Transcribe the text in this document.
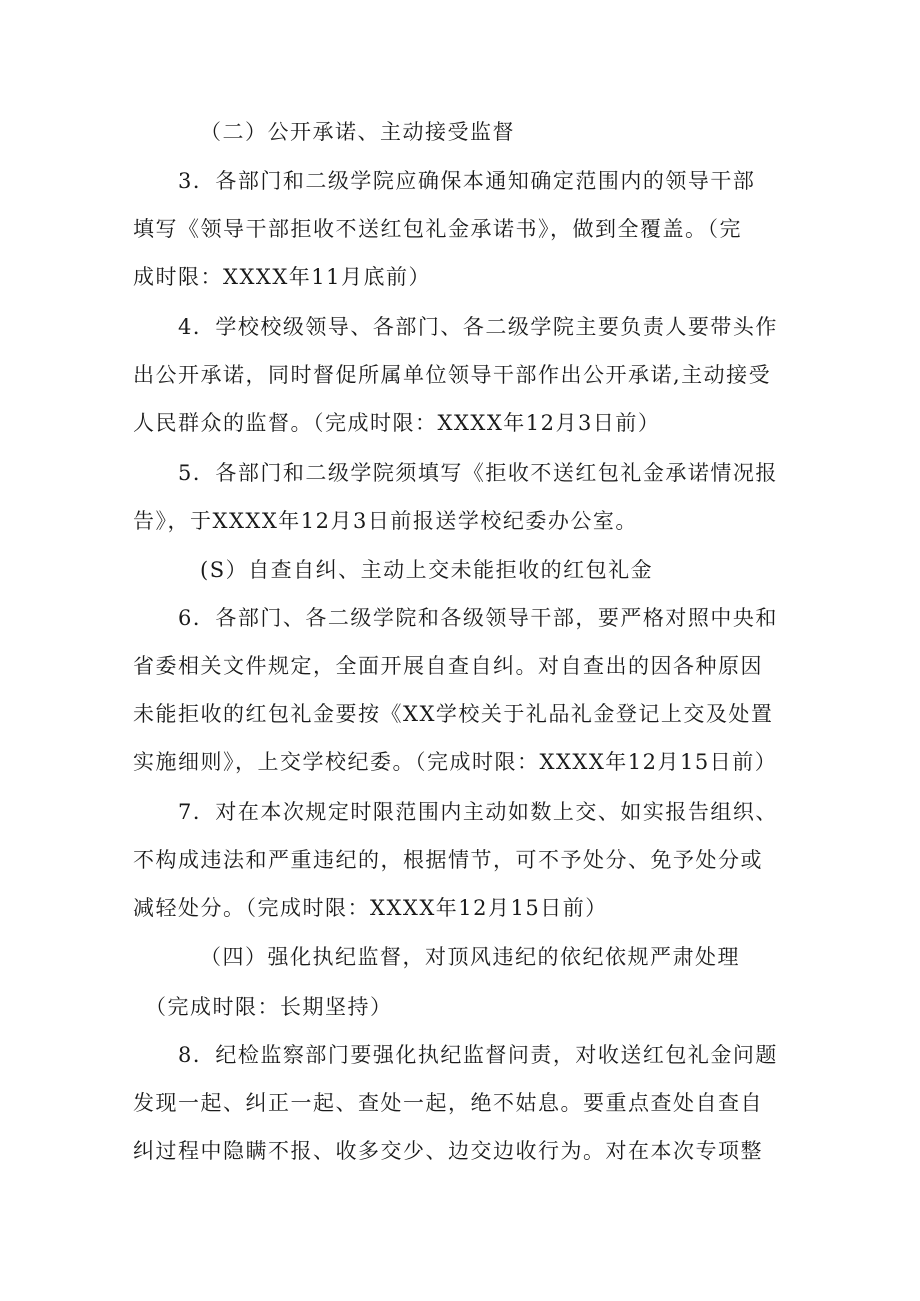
（二）公开承诺、主动接受监督
3．各部门和二级学院应确保本通知确定范围内的领导干部
填写《领导干部拒收不送红包礼金承诺书》，做到全覆盖。（完
成时限：XXXX年11月底前）
4．学校校级领导、各部门、各二级学院主要负责人要带头作
出公开承诺，同时督促所属单位领导干部作出公开承诺,主动接受
人民群众的监督。（完成时限：XXXX年12月3日前）
5．各部门和二级学院须填写《拒收不送红包礼金承诺情况报
告》，于XXXX年12月3日前报送学校纪委办公室。
(S）自查自纠、主动上交未能拒收的红包礼金
6．各部门、各二级学院和各级领导干部，要严格对照中央和
省委相关文件规定，全面开展自查自纠。对自查出的因各种原因
未能拒收的红包礼金要按《XX学校关于礼品礼金登记上交及处置
实施细则》，上交学校纪委。（完成时限：XXXX年12月15日前）
7．对在本次规定时限范围内主动如数上交、如实报告组织、
不构成违法和严重违纪的，根据情节，可不予处分、免予处分或
减轻处分。（完成时限：XXXX年12月15日前）
（四）强化执纪监督，对顶风违纪的依纪依规严肃处理
（完成时限：长期坚持）
8．纪检监察部门要强化执纪监督问责，对收送红包礼金问题
发现一起、纠正一起、查处一起，绝不姑息。要重点查处自查自
纠过程中隐瞒不报、收多交少、边交边收行为。对在本次专项整
